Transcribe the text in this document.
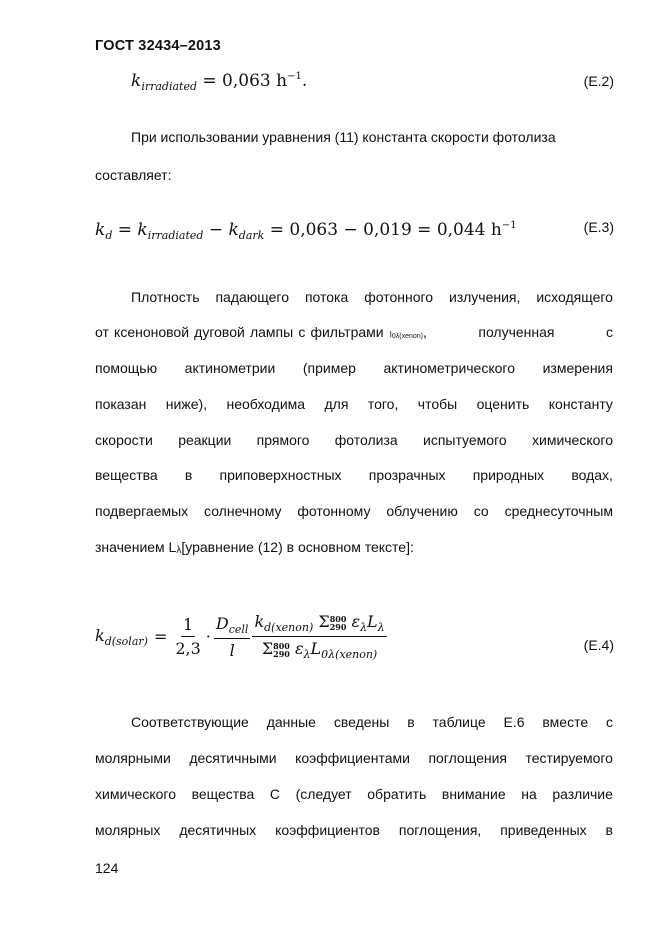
ГОСТ 32434–2013
$k_{irradiated} = 0,063$ $h^{-1}$.	(E.2)
При использовании уравнения (11) константа скорости фотолиза
составляет:
$k_d = k_{irradiated} - k_{dark} = 0,063 - 0,019 = 0,044$ $h^{-1}$	(E.3)
Плотность падающего потока фотонного излучения, исходящего
от ксеноновой дуговой лампы с фильтрами I0λ(xenon) ,	полученная	с
помощью актинометрии (пример актинометрического измерения
показан ниже), необходима для того, чтобы оценить константу
скорости реакции прямого фотолиза испытуемого химического
вещества в приповерхностных прозрачных природных водах,
подвергаемых солнечному фотонному облучению со среднесуточным
значением Lλ[уравнение (12) в основном тексте]:
$k_{d(solar)} = \frac{1}{2,3} \cdot \frac{D_{cell}}{l} k_{d(xenon)}$ Σ 800
290 $\varepsilon_\lambda L_\lambda$
Σ 800
290 $\varepsilon_\lambda L_{0\lambda(xenon)}$	(E.4)
Соответствующие данные сведены в таблице E.6 вместе с
молярными десятичными коэффициентами поглощения тестируемого
химического вещества C (следует обратить внимание на различие
молярных десятичных коэффициентов поглощения, приведенных в
124
